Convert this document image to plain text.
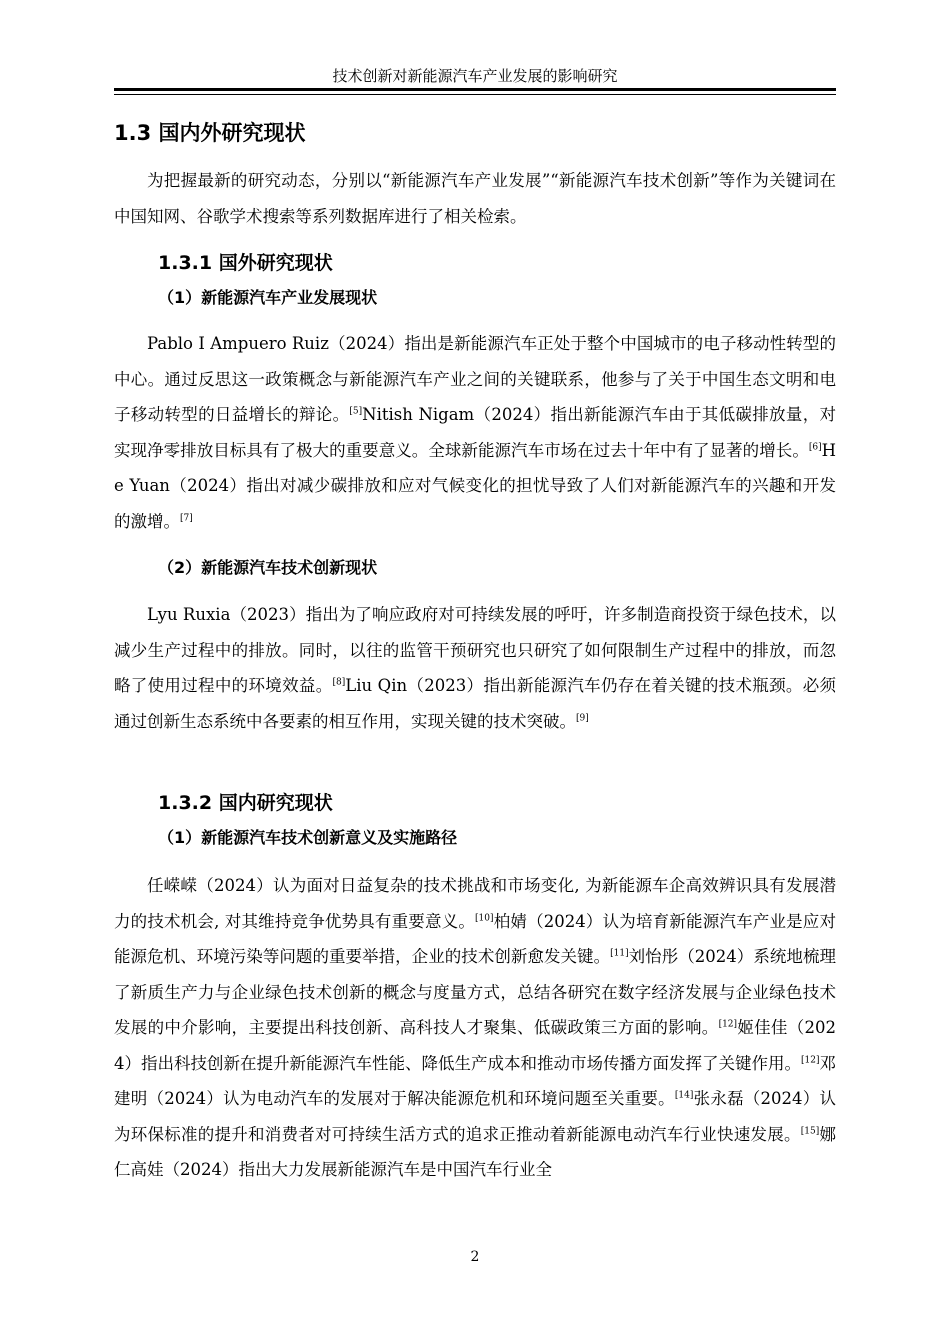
技术创新对新能源汽车产业发展的影响研究
1.3 国内外研究现状

为把握最新的研究动态，分别以“新能源汽车产业发展”“新能源汽车技术创新”等作为关键词在中国知网、谷歌学术搜索等系列数据库进行了相关检索。

1.3.1 国外研究现状
（1）新能源汽车产业发展现状

Pablo I Ampuero Ruiz（2024）指出是新能源汽车正处于整个中国城市的电子移动性转型的中心。通过反思这一政策概念与新能源汽车产业之间的关键联系，他参与了关于中国生态文明和电子移动转型的日益增长的辩论。[5]Nitish Nigam（2024）指出新能源汽车由于其低碳排放量，对实现净零排放目标具有了极大的重要意义。全球新能源汽车市场在过去十年中有了显著的增长。[6]He Yuan（2024）指出对减少碳排放和应对气候变化的担忧导致了人们对新能源汽车的兴趣和开发的激增。[7]

（2）新能源汽车技术创新现状

Lyu Ruxia（2023）指出为了响应政府对可持续发展的呼吁，许多制造商投资于绿色技术，以减少生产过程中的排放。同时，以往的监管干预研究也只研究了如何限制生产过程中的排放，而忽略了使用过程中的环境效益。[8]Liu Qin（2023）指出新能源汽车仍存在着关键的技术瓶颈。必须通过创新生态系统中各要素的相互作用，实现关键的技术突破。[9]

1.3.2 国内研究现状
（1）新能源汽车技术创新意义及实施路径

任嵘嵘（2024）认为面对日益复杂的技术挑战和市场变化, 为新能源车企高效辨识具有发展潜力的技术机会, 对其维持竞争优势具有重要意义。[10]柏婧（2024）认为培育新能源汽车产业是应对能源危机、环境污染等问题的重要举措，企业的技术创新愈发关键。[11]刘怡彤（2024）系统地梳理了新质生产力与企业绿色技术创新的概念与度量方式，总结各研究在数字经济发展与企业绿色技术发展的中介影响，主要提出科技创新、高科技人才聚集、低碳政策三方面的影响。[12]姬佳佳（2024）指出科技创新在提升新能源汽车性能、降低生产成本和推动市场传播方面发挥了关键作用。[12]邓建明（2024）认为电动汽车的发展对于解决能源危机和环境问题至关重要。[14]张永磊（2024）认为环保标准的提升和消费者对可持续生活方式的追求正推动着新能源电动汽车行业快速发展。[15]娜仁高娃（2024）指出大力发展新能源汽车是中国汽车行业全

2
